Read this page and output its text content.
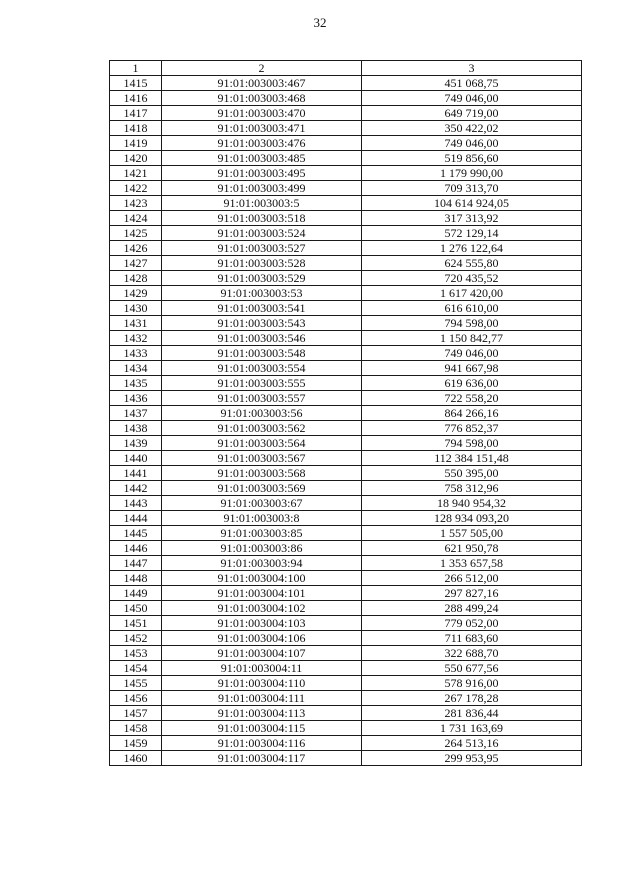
32
1	2	3
1415	91:01:003003:467	451 068,75
1416	91:01:003003:468	749 046,00
1417	91:01:003003:470	649 719,00
1418	91:01:003003:471	350 422,02
1419	91:01:003003:476	749 046,00
1420	91:01:003003:485	519 856,60
1421	91:01:003003:495	1 179 990,00
1422	91:01:003003:499	709 313,70
1423	91:01:003003:5	104 614 924,05
1424	91:01:003003:518	317 313,92
1425	91:01:003003:524	572 129,14
1426	91:01:003003:527	1 276 122,64
1427	91:01:003003:528	624 555,80
1428	91:01:003003:529	720 435,52
1429	91:01:003003:53	1 617 420,00
1430	91:01:003003:541	616 610,00
1431	91:01:003003:543	794 598,00
1432	91:01:003003:546	1 150 842,77
1433	91:01:003003:548	749 046,00
1434	91:01:003003:554	941 667,98
1435	91:01:003003:555	619 636,00
1436	91:01:003003:557	722 558,20
1437	91:01:003003:56	864 266,16
1438	91:01:003003:562	776 852,37
1439	91:01:003003:564	794 598,00
1440	91:01:003003:567	112 384 151,48
1441	91:01:003003:568	550 395,00
1442	91:01:003003:569	758 312,96
1443	91:01:003003:67	18 940 954,32
1444	91:01:003003:8	128 934 093,20
1445	91:01:003003:85	1 557 505,00
1446	91:01:003003:86	621 950,78
1447	91:01:003003:94	1 353 657,58
1448	91:01:003004:100	266 512,00
1449	91:01:003004:101	297 827,16
1450	91:01:003004:102	288 499,24
1451	91:01:003004:103	779 052,00
1452	91:01:003004:106	711 683,60
1453	91:01:003004:107	322 688,70
1454	91:01:003004:11	550 677,56
1455	91:01:003004:110	578 916,00
1456	91:01:003004:111	267 178,28
1457	91:01:003004:113	281 836,44
1458	91:01:003004:115	1 731 163,69
1459	91:01:003004:116	264 513,16
1460	91:01:003004:117	299 953,95
